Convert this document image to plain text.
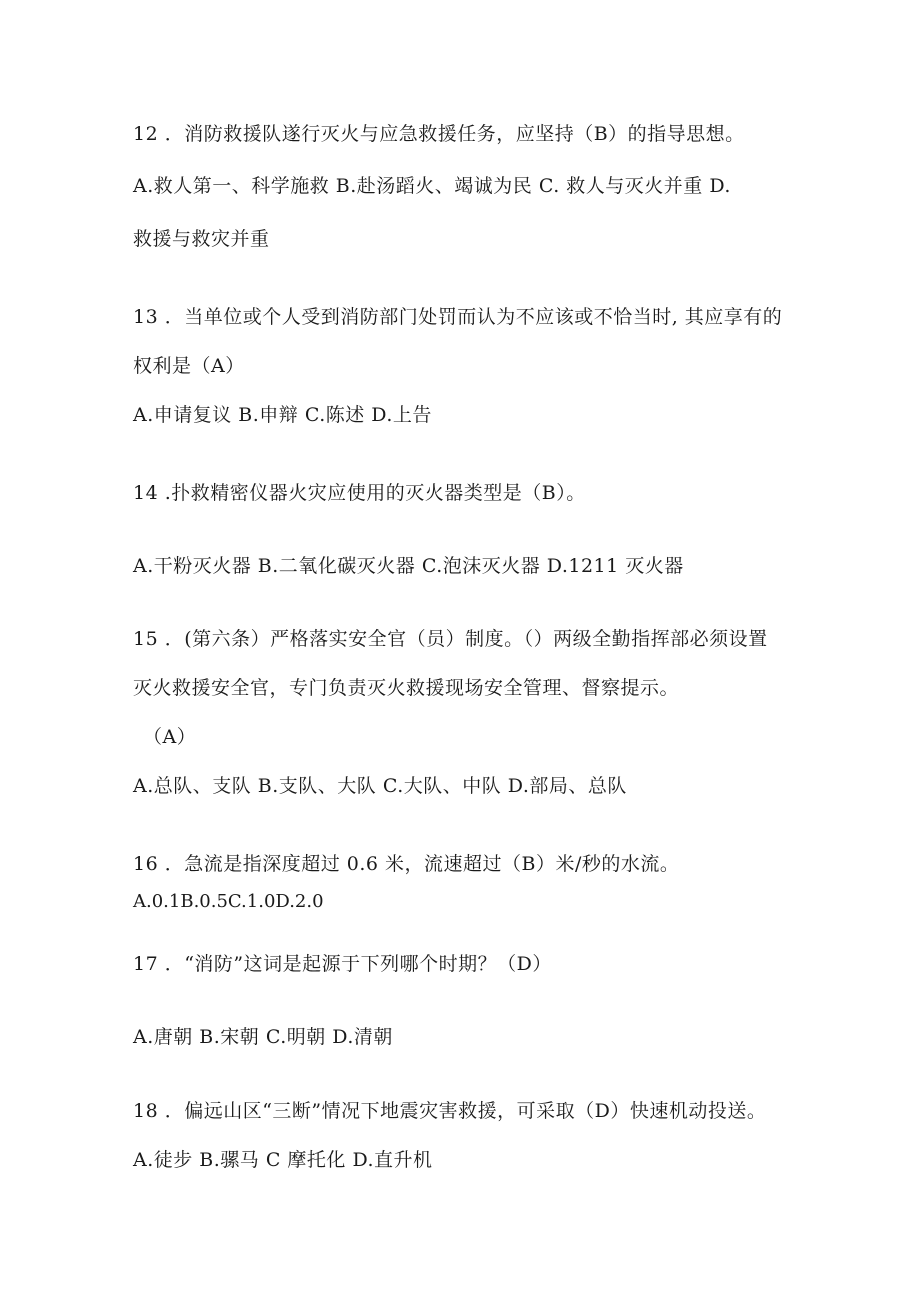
12 ．消防救援队遂行灭火与应急救援任务，应坚持（B）的指导思想。
A.救人第一、科学施救 B.赴汤蹈火、竭诚为民 C. 救人与灭火并重 D.
救援与救灾并重
13 ．当单位或个人受到消防部门处罚而认为不应该或不恰当时, 其应享有的
权利是（A）
A.申请复议 B.申辩 C.陈述 D.上告
14 .扑救精密仪器火灾应使用的灭火器类型是（B）。
A.干粉灭火器 B.二氧化碳灭火器 C.泡沫灭火器 D.1211 灭火器
15 ．(第六条）严格落实安全官（员）制度。（）两级全勤指挥部必须设置
灭火救援安全官，专门负责灭火救援现场安全管理、督察提示。
（A）
A.总队、支队 B.支队、大队 C.大队、中队 D.部局、总队
16 ．急流是指深度超过 0.6 米，流速超过（B）米/秒的水流。
A.0.1B.0.5C.1.0D.2.0
17 ．“消防”这词是起源于下列哪个时期？（D）
A.唐朝 B.宋朝 C.明朝 D.清朝
18 ．偏远山区“三断”情况下地震灾害救援，可采取（D）快速机动投送。
A.徒步 B.骡马 C 摩托化 D.直升机
